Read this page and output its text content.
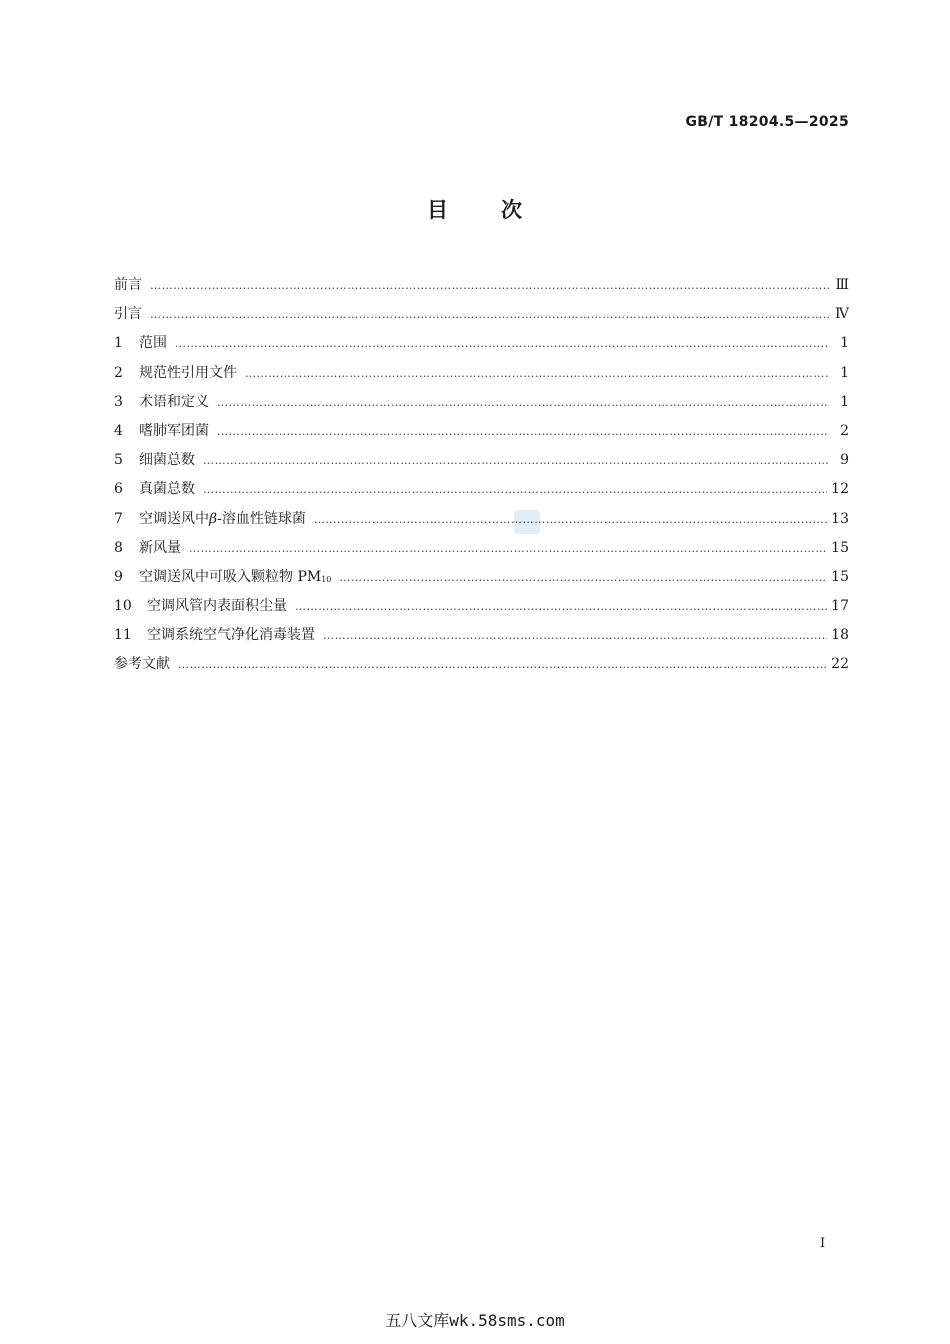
GB/T 18204.5—2025
目 次
前言 ………………………………………………………………………………………………………………………………………………………………………………	Ⅲ
引言 ………………………………………………………………………………………………………………………………………………………………………………	Ⅳ
1	范围 ………………………………………………………………………………………………………………………………………………………………………………	1
2	规范性引用文件 ………………………………………………………………………………………………………………………………………………………………………………	1
3	术语和定义 ………………………………………………………………………………………………………………………………………………………………………………	1
4	嗜肺军团菌 ………………………………………………………………………………………………………………………………………………………………………………	2
5	细菌总数 ………………………………………………………………………………………………………………………………………………………………………………	9
6	真菌总数 ………………………………………………………………………………………………………………………………………………………………………………	12
7	空调送风中β-溶血性链球菌 ………………………………………………………………………………………………………………………………………………………………………………	13
8	新风量 ………………………………………………………………………………………………………………………………………………………………………………	15
9	空调送风中可吸入颗粒物 $PM_{10}$ ………………………………………………………………………………………………………………………………………………………………………………	15
10	空调风管内表面积尘量 ………………………………………………………………………………………………………………………………………………………………………………	17
11	空调系统空气净化消毒装置 ………………………………………………………………………………………………………………………………………………………………………………	18
参考文献 ………………………………………………………………………………………………………………………………………………………………………………	22
I
五八文库wk.58sms.com
